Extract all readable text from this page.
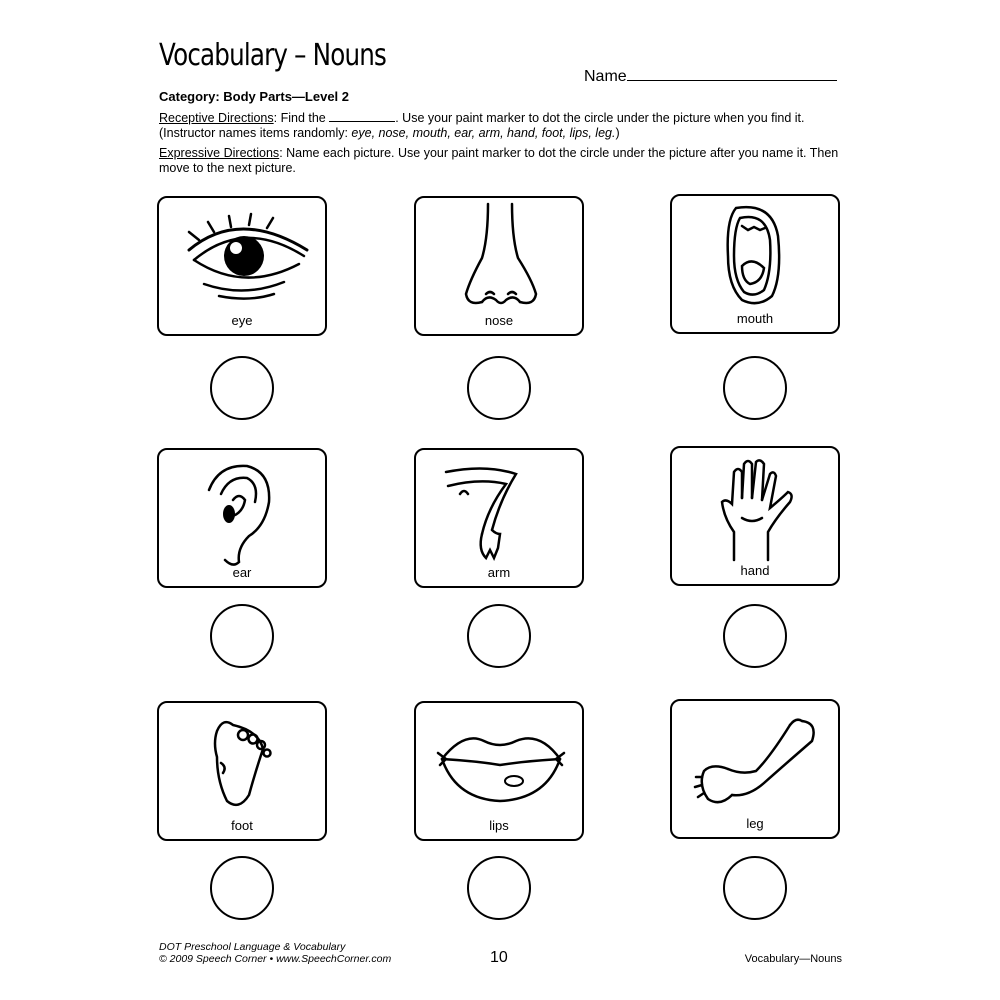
Vocabulary – Nouns
Name
Category: Body Parts—Level 2

Receptive Directions: Find the	. Use your paint marker to dot the circle under the picture when you find it. (Instructor names items randomly: eye, nose, mouth, ear, arm, hand, foot, lips, leg.)

Expressive Directions: Name each picture. Use your paint marker to dot the circle under the picture after you name it. Then move to the next picture.

eye	nose	mouth
ear	arm	hand
foot	lips	leg
DOT Preschool Language & Vocabulary
© 2009 Speech Corner • www.SpeechCorner.com	10	Vocabulary—Nouns
